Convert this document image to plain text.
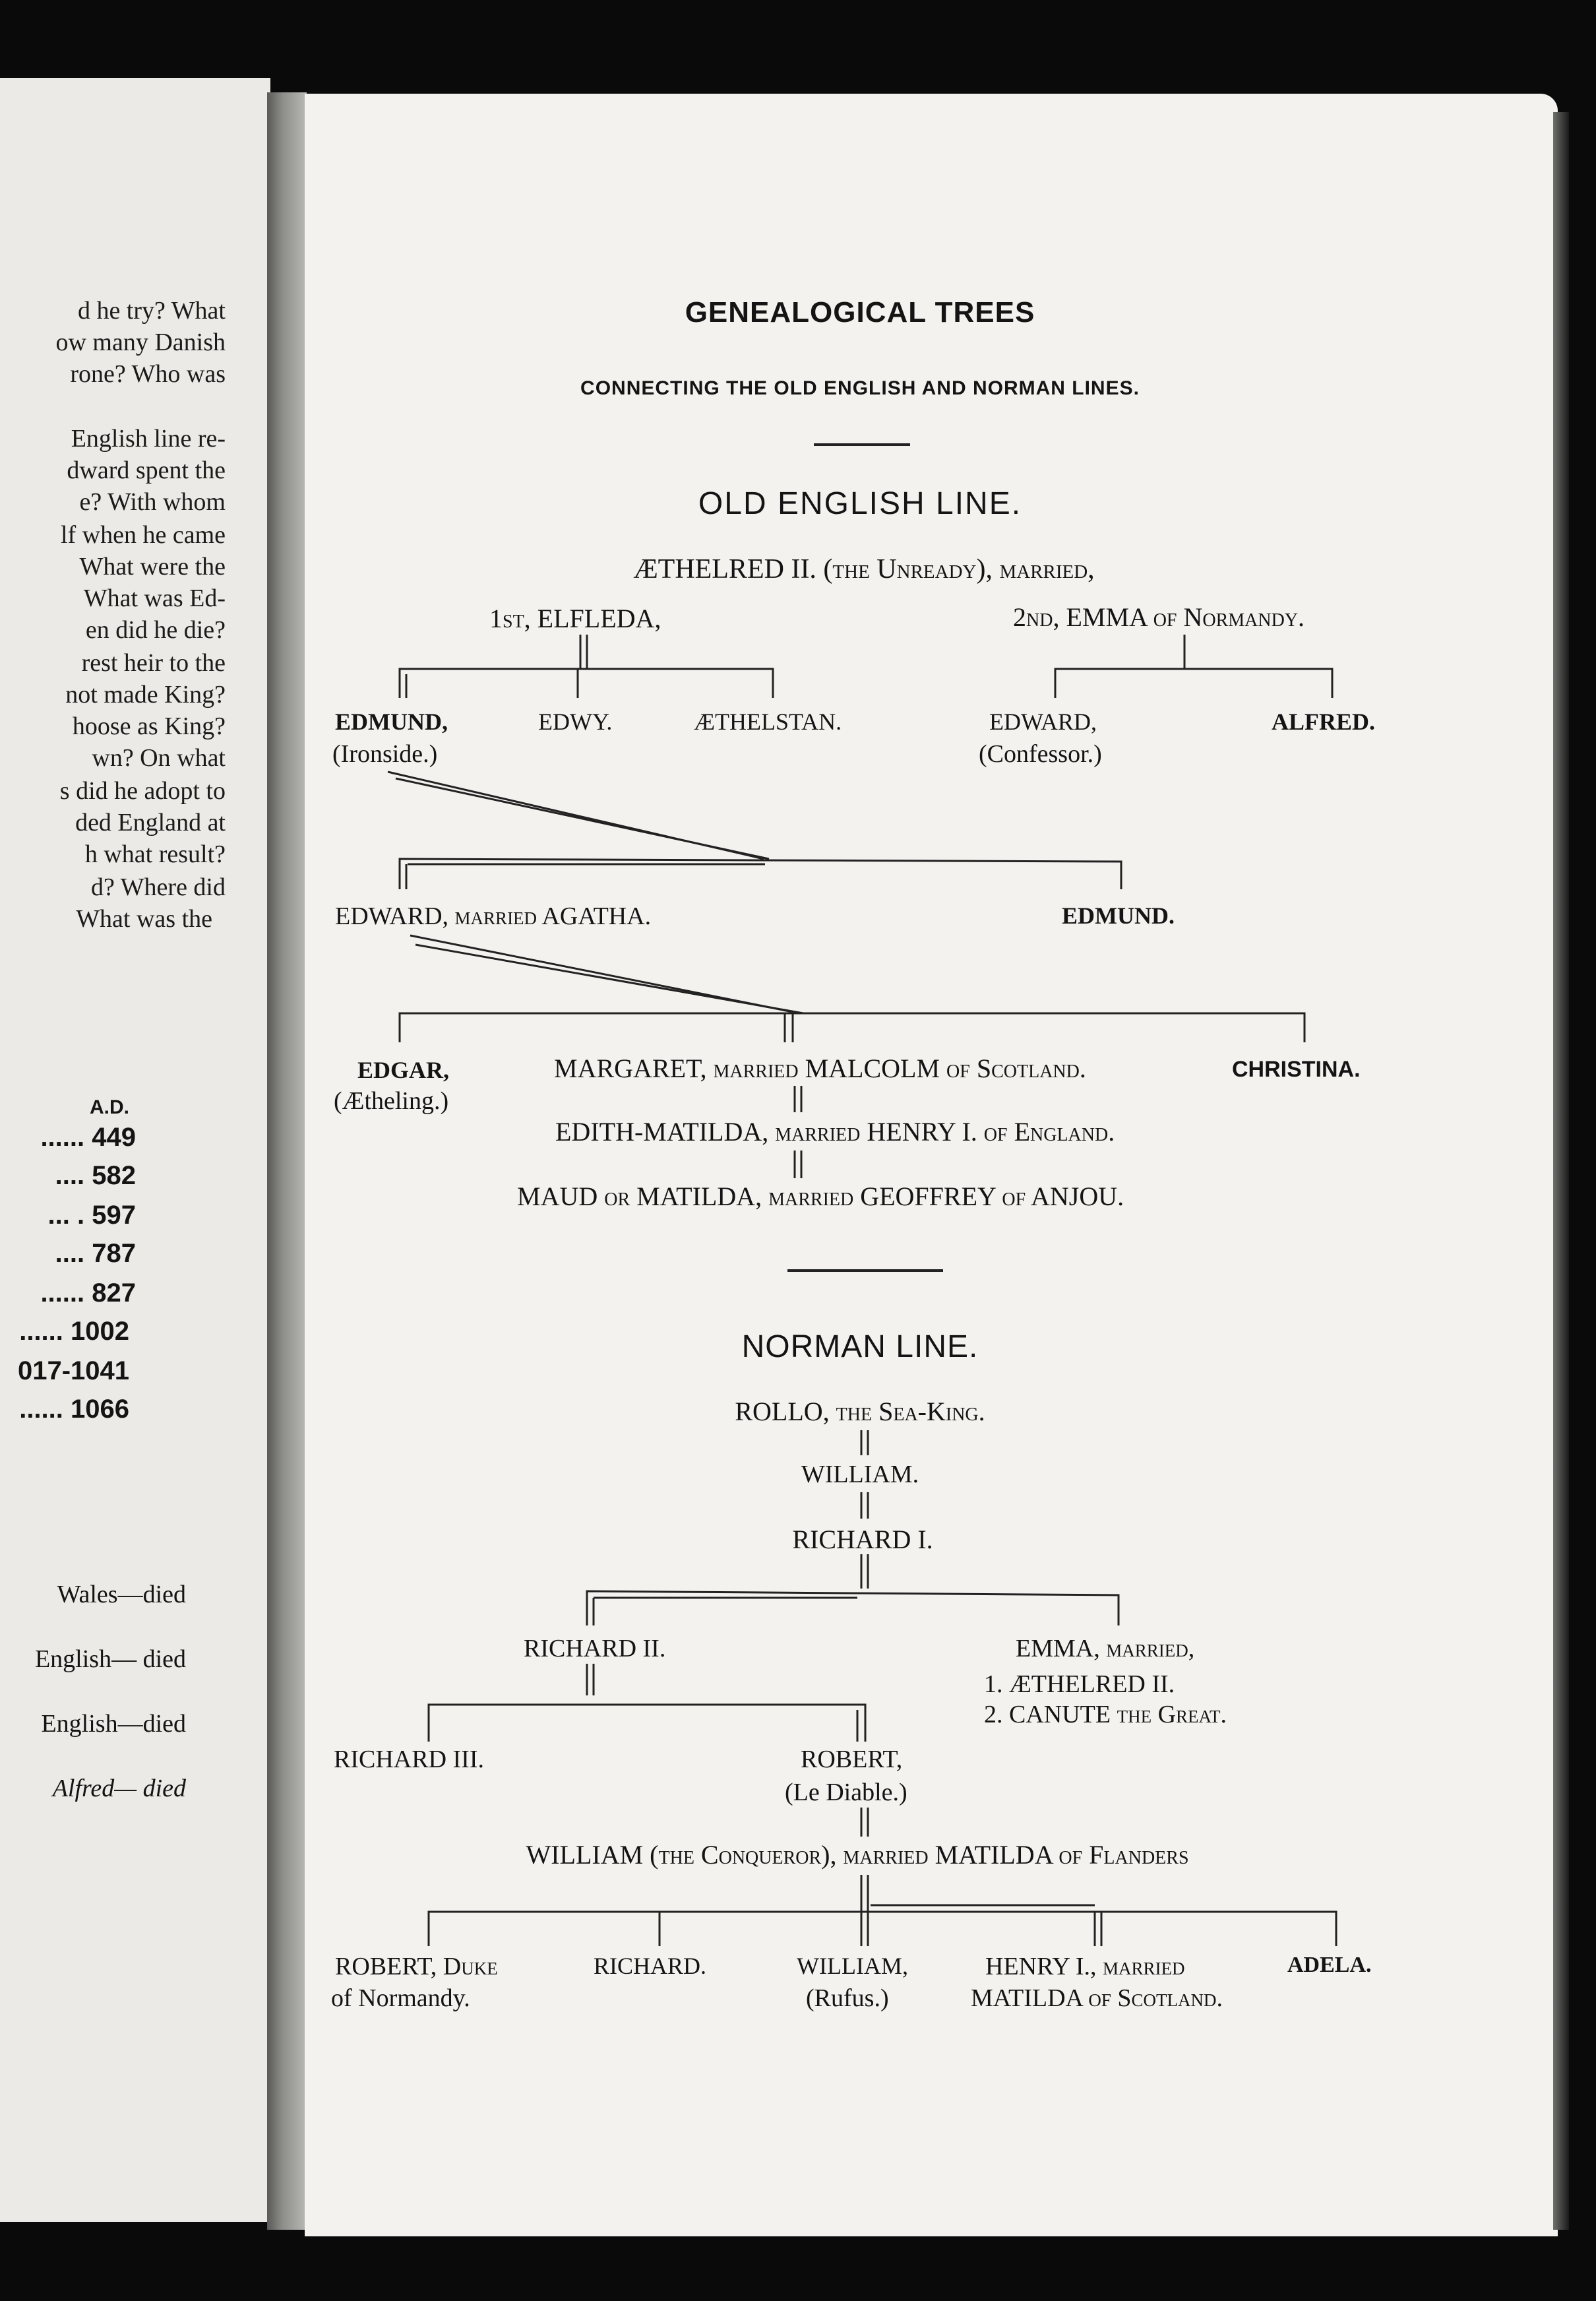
d he try? What
ow many Danish
rone? Who was
English line re-
dward spent the
e? With whom
lf when he came
What were the
What was Ed-
en did he die?
rest heir to the
not made King?
hoose as King?
wn? On what
s did he adopt to
ded England at
h what result?
d? Where did
What was the
A.D.
...... 449
.... 582
... . 597
.... 787
...... 827
...... 1002
017-1041
...... 1066
Wales—died
English— died
English—died
Alfred— died
GENEALOGICAL TREES
CONNECTING THE OLD ENGLISH AND NORMAN LINES.
OLD ENGLISH LINE.
ÆTHELRED II. (the Unready), married,
1st, ELFLEDA,	2nd, EMMA of Normandy.
EDMUND,
(Ironside.)
EDWY.	ÆTHELSTAN.	EDWARD,
(Confessor.)
ALFRED.
EDWARD, married AGATHA.	EDMUND.
EDGAR,
(Ætheling.)
MARGARET, married MALCOLM of Scotland.	CHRISTINA.
EDITH-MATILDA, married HENRY I. of England.
MAUD or MATILDA, married GEOFFREY of ANJOU.
NORMAN LINE.
ROLLO, the Sea-King.
WILLIAM.
RICHARD I.
RICHARD II.	EMMA, married,
1. ÆTHELRED II.
2. CANUTE the Great.
RICHARD III.	ROBERT,
(Le Diable.)
WILLIAM (the Conqueror), married MATILDA of Flanders
ROBERT, Duke
of Normandy.
RICHARD.	WILLIAM,
(Rufus.)
HENRY I., married
MATILDA of Scotland.
ADELA.
